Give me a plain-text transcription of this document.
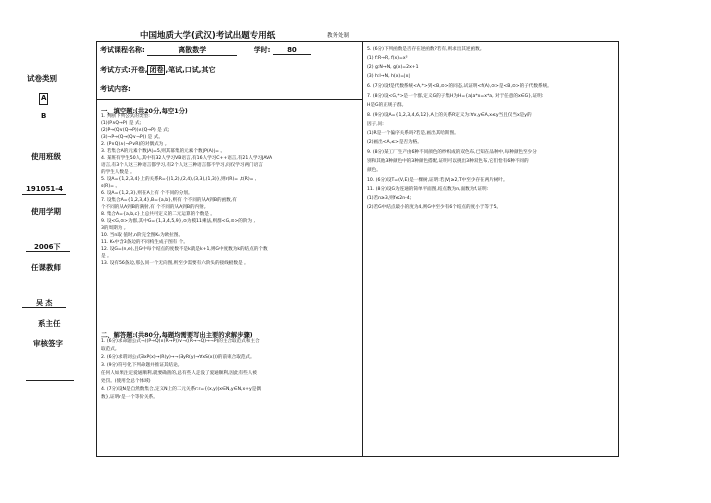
中国地质大学(武汉)考试出题专用纸	教务处制
试卷类别
A
B
使用班级
191051-4
使用学期
2006下
任课教师
吴 杰
系主任
审核签字
考试课程名称:	离散数学	学时: 80
考试方式:开卷, 闭卷 ,笔试,口试,其它
考试内容:
一、填空题:(共20分,每空1分)
1. 判断下列公式的类型:
(1)(P∧Q→P) 是 式;
(2)P→(Q∨(Q→P))∧(Q→P) 是 式;
(3)¬P→(Q→(Q∨¬P)) 是 式。
2. (P∨Q)∧(¬P∨R)的对偶式为 。
3. 若集合A的元素个数|A|=5,则其幂集的元素个数|P(A)|= 。
4. 某班有学生50人,其中有32人学习VB语言,有16人学习C++语言,有21人学习JAVA
语言,有3个人这三种语言都学习,有2个人这三种语言都不学习,问仅学习两门语言
的学生人数是 。
5. 设A={1,2,3,4}上的关系R={(1,2),(2,4),(3,3),(1,3)},则r(R)= ,t(R)= ,
s(R)= 。
6. 设A={1,2,3},则在A上有 个不同的分划。
7. 设集合A={1,2,3,4},B={a,b},则有 个不同的从A到B的函数,有
个不同的从A到B的满射,有 个不同的从A到B的内射。
8. 集合A={a,b,c}上总共可定义的二元运算的个数是 。
9. 设<G,⊙>为群,其中G={1,3,4,5,9},⊙为模11乘法,则群<G,⊙>的阶为 ,
3的周期为 。
10. 当n取 值时,n阶完全图Kₙ为欧拉图。
11. K₅中含3条边的不同构生成子图有 个。
12. 设G=(n,e),且G中每个结点的度数不是k就是k+1,则G中度数为k的结点的个数
是 。
13. 设有56条边,那么同一个无向图,则至少需要有六阶头的接线板数是 。
二、解答题:(共80分,每题均需要写出主要的求解步骤)
1. (6分)求命题公式¬((P→Q)∧(R→P))∨¬((R→¬Q)→¬P)的主合取范式和主合
取范式。
2. (6分)求谓词公式∃xP(x)→(R(y)→¬(∃yR(y)→∀xS(x)))的前束合取范式。
3. (9分)符号化下列命题并推证其结论。
任何人如果注定爱通顺利,就要确凿的,总有些人走没了爱通顺利,因此有些人被
处罚。(使用全总个体域)
4. (7分)设N是自然数集合,定义N上的二元关系r:r={(x,y)|x∈N,y∈N,x+y是偶
数},证明r是一个等价关系。
5. (6分)下列函数是否存在逆函数?若有,则求出其逆函数。
(1) f:R→R, f(x)=x³
(2) g:N→N, g(x)=2x+1
(3) h:I→N, h(x)=|x|
6. (7分)设f是代数系统<A,*>到<B,⊙>的同态,试证明<f(A),⊙>是<B,⊙>的子代数系统。
7. (8分)设<G,*>是一个群,定义G的子集H为H={a|a*x=x*a, 对于任意的x∈G},证明:
H是G的正规子群。
8. (9分)设A={1,2,3,4,6,12},A上的关系R定义为:∀x,y∈A,x≤y当且仅当x是y的
因子,问:
(1)R是一个偏序关系吗?若是,画出其哈斯图。
(2)画出<A,≤>是否为格。
9. (8分)某工厂生产由6种不同颜色的纱织成的双色布,已知在品种中,每种颜色至少分
别和其他3种颜色中的3种颜色搭配,证明可以挑出3种双色布,它们恰有6种不同的
颜色。
10. (6分)设T=(V,E)是一棵树,证明:若|V|≥2,T中至少存在两片树叶。
11. (8分)设G为连通的简单平面图,结点数为n,面数为f,证明:
(1)若n≥3,则f≤2n-4;
(2)若G中结点最小的度为4,则G中至少有6个结点的度小于等于5。
